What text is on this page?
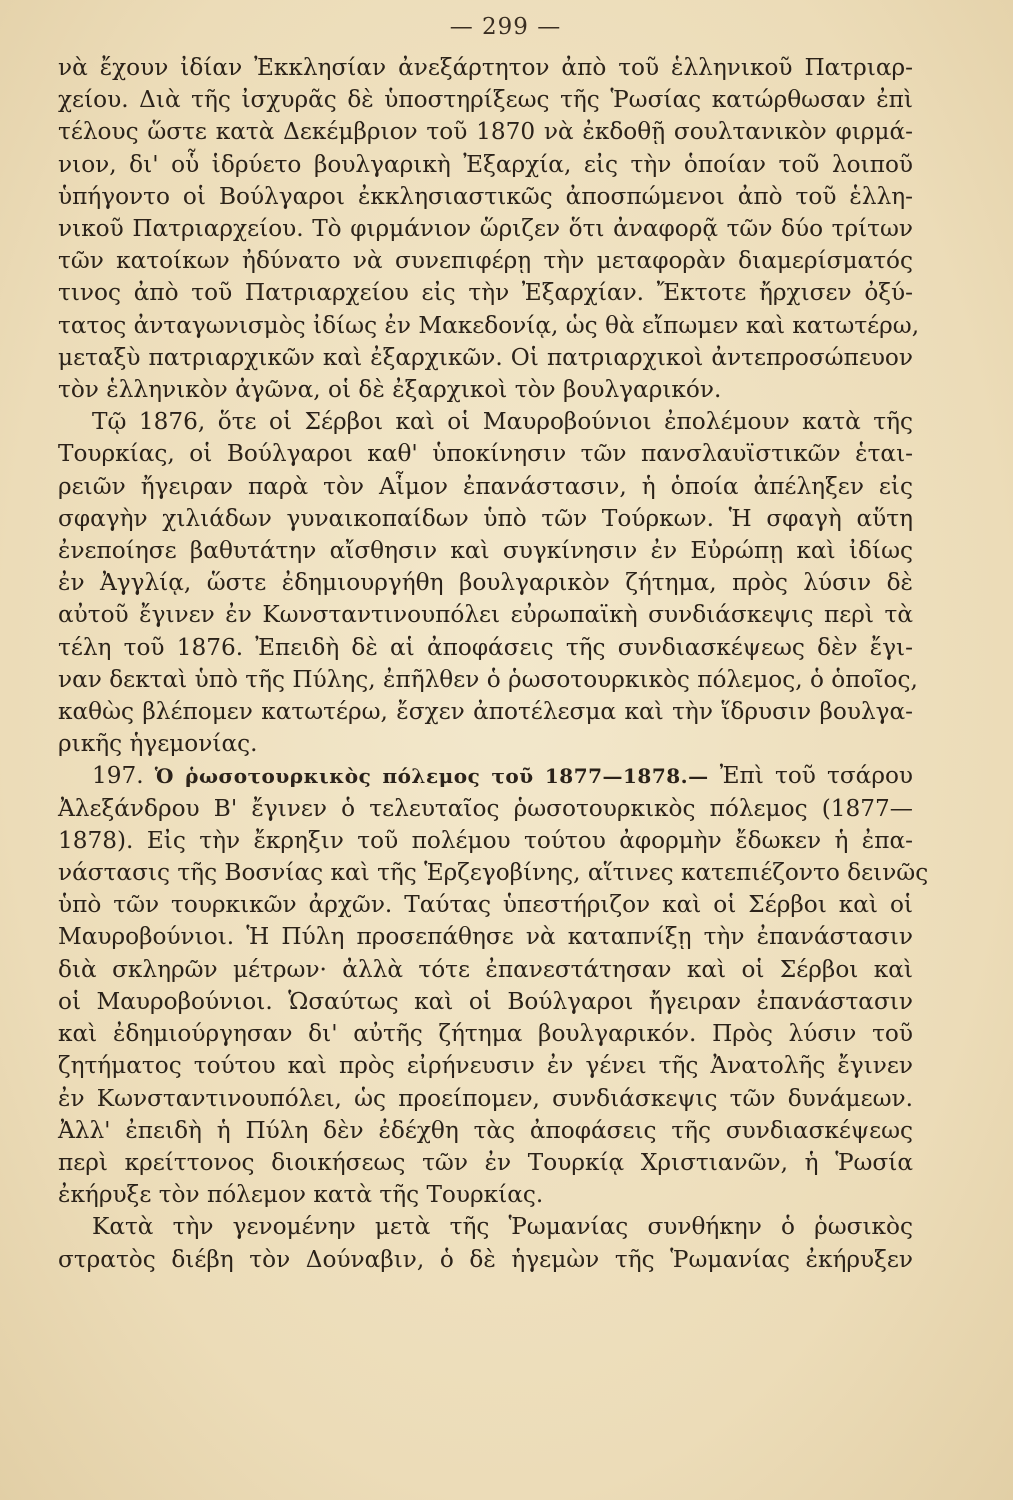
— 299 —

νὰ ἔχουν ἰδίαν Ἐκκλησίαν ἀνεξάρτητον ἀπὸ τοῦ ἑλληνικοῦ Πατριαρ-
χείου. Διὰ τῆς ἰσχυρᾶς δὲ ὑποστηρίξεως τῆς Ῥωσίας κατώρθωσαν ἐπὶ
τέλους ὥστε κατὰ Δεκέμβριον τοῦ 1870 νὰ ἐκδοθῇ σουλτανικὸν φιρμά-
νιον, δι' οὗ ἱδρύετο βουλγαρικὴ Ἐξαρχία, εἰς τὴν ὁποίαν τοῦ λοιποῦ
ὑπήγοντο οἱ Βούλγαροι ἐκκλησιαστικῶς ἀποσπώμενοι ἀπὸ τοῦ ἑλλη-
νικοῦ Πατριαρχείου. Τὸ φιρμάνιον ὥριζεν ὅτι ἀναφορᾷ τῶν δύο τρίτων
τῶν κατοίκων ἠδύνατο νὰ συνεπιφέρῃ τὴν μεταφορὰν διαμερίσματός
τινος ἀπὸ τοῦ Πατριαρχείου εἰς τὴν Ἐξαρχίαν. Ἔκτοτε ἤρχισεν ὀξύ-
τατος ἀνταγωνισμὸς ἰδίως ἐν Μακεδονίᾳ, ὡς θὰ εἴπωμεν καὶ κατωτέρω,
μεταξὺ πατριαρχικῶν καὶ ἐξαρχικῶν. Οἱ πατριαρχικοὶ ἀντεπροσώπευον
τὸν ἑλληνικὸν ἀγῶνα, οἱ δὲ ἐξαρχικοὶ τὸν βουλγαρικόν.

Τῷ 1876, ὅτε οἱ Σέρβοι καὶ οἱ Μαυροβούνιοι ἐπολέμουν κατὰ τῆς
Τουρκίας, οἱ Βούλγαροι καθ' ὑποκίνησιν τῶν πανσλαυϊστικῶν ἑται-
ρειῶν ἤγειραν παρὰ τὸν Αἷμον ἐπανάστασιν, ἡ ὁποία ἀπέληξεν εἰς
σφαγὴν χιλιάδων γυναικοπαίδων ὑπὸ τῶν Τούρκων. Ἡ σφαγὴ αὕτη
ἐνεποίησε βαθυτάτην αἴσθησιν καὶ συγκίνησιν ἐν Εὐρώπῃ καὶ ἰδίως
ἐν Ἀγγλίᾳ, ὥστε ἐδημιουργήθη βουλγαρικὸν ζήτημα, πρὸς λύσιν δὲ
αὐτοῦ ἔγινεν ἐν Κωνσταντινουπόλει εὐρωπαϊκὴ συνδιάσκεψις περὶ τὰ
τέλη τοῦ 1876. Ἐπειδὴ δὲ αἱ ἀποφάσεις τῆς συνδιασκέψεως δὲν ἔγι-
ναν δεκταὶ ὑπὸ τῆς Πύλης, ἐπῆλθεν ὁ ῥωσοτουρκικὸς πόλεμος, ὁ ὁποῖος,
καθὼς βλέπομεν κατωτέρω, ἔσχεν ἀποτέλεσμα καὶ τὴν ἵδρυσιν βουλγα-
ρικῆς ἡγεμονίας.

197. Ὁ ῥωσοτουρκικὸς πόλεμος τοῦ 1877—1878.— Ἐπὶ τοῦ τσάρου
Ἀλεξάνδρου Β' ἔγινεν ὁ τελευταῖος ῥωσοτουρκικὸς πόλεμος (1877—
1878). Εἰς τὴν ἔκρηξιν τοῦ πολέμου τούτου ἀφορμὴν ἔδωκεν ἡ ἐπα-
νάστασις τῆς Βοσνίας καὶ τῆς Ἑρζεγοβίνης, αἵτινες κατεπιέζοντο δεινῶς
ὑπὸ τῶν τουρκικῶν ἀρχῶν. Ταύτας ὑπεστήριζον καὶ οἱ Σέρβοι καὶ οἱ
Μαυροβούνιοι. Ἡ Πύλη προσεπάθησε νὰ καταπνίξῃ τὴν ἐπανάστασιν
διὰ σκληρῶν μέτρων· ἀλλὰ τότε ἐπανεστάτησαν καὶ οἱ Σέρβοι καὶ
οἱ Μαυροβούνιοι. Ὡσαύτως καὶ οἱ Βούλγαροι ἤγειραν ἐπανάστασιν
καὶ ἐδημιούργησαν δι' αὐτῆς ζήτημα βουλγαρικόν. Πρὸς λύσιν τοῦ
ζητήματος τούτου καὶ πρὸς εἰρήνευσιν ἐν γένει τῆς Ἀνατολῆς ἔγινεν
ἐν Κωνσταντινουπόλει, ὡς προείπομεν, συνδιάσκεψις τῶν δυνάμεων.
Ἀλλ' ἐπειδὴ ἡ Πύλη δὲν ἐδέχθη τὰς ἀποφάσεις τῆς συνδιασκέψεως
περὶ κρείττονος διοικήσεως τῶν ἐν Τουρκίᾳ Χριστιανῶν, ἡ Ῥωσία
ἐκήρυξε τὸν πόλεμον κατὰ τῆς Τουρκίας.

Κατὰ τὴν γενομένην μετὰ τῆς Ῥωμανίας συνθήκην ὁ ῥωσικὸς
στρατὸς διέβη τὸν Δούναβιν, ὁ δὲ ἡγεμὼν τῆς Ῥωμανίας ἐκήρυξεν
